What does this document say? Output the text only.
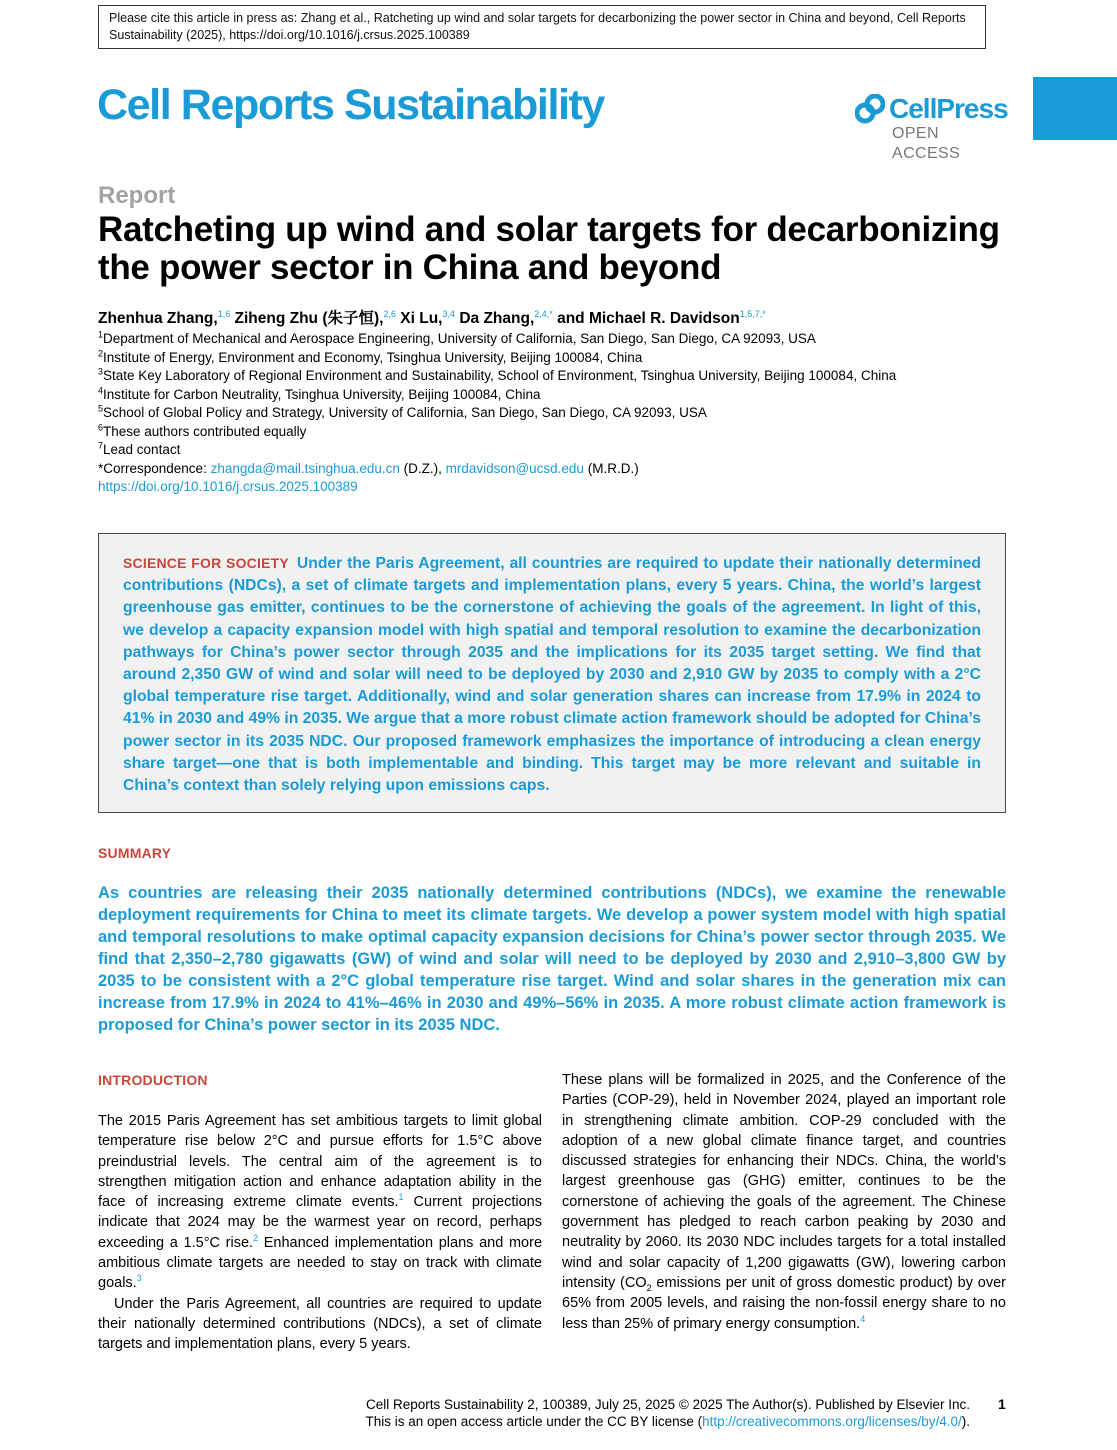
Please cite this article in press as: Zhang et al., Ratcheting up wind and solar targets for decarbonizing the power sector in China and beyond, Cell Reports Sustainability (2025), https://doi.org/10.1016/j.crsus.2025.100389
Cell Reports Sustainability	CellPress
OPEN ACCESS
Report
Ratcheting up wind and solar targets for decarbonizing the power sector in China and beyond
Zhenhua Zhang,$^{1,6}$ Ziheng Zhu (朱子恒),$^{2,6}$ Xi Lu,$^{3,4}$ Da Zhang,$^{2,4,*}$ and Michael R. Davidson$^{1,5,7,*}$
$^1$Department of Mechanical and Aerospace Engineering, University of California, San Diego, San Diego, CA 92093, USA
$^2$Institute of Energy, Environment and Economy, Tsinghua University, Beijing 100084, China
$^3$State Key Laboratory of Regional Environment and Sustainability, School of Environment, Tsinghua University, Beijing 100084, China
$^4$Institute for Carbon Neutrality, Tsinghua University, Beijing 100084, China
$^5$School of Global Policy and Strategy, University of California, San Diego, San Diego, CA 92093, USA
$^6$These authors contributed equally
$^7$Lead contact
*Correspondence: zhangda@mail.tsinghua.edu.cn (D.Z.), mrdavidson@ucsd.edu (M.R.D.)
https://doi.org/10.1016/j.crsus.2025.100389

SCIENCE FOR SOCIETY Under the Paris Agreement, all countries are required to update their nationally determined contributions (NDCs), a set of climate targets and implementation plans, every 5 years. China, the world’s largest greenhouse gas emitter, continues to be the cornerstone of achieving the goals of the agreement. In light of this, we develop a capacity expansion model with high spatial and temporal resolution to examine the decarbonization pathways for China’s power sector through 2035 and the implications for its 2035 target setting. We find that around 2,350 GW of wind and solar will need to be deployed by 2030 and 2,910 GW by 2035 to comply with a 2°C global temperature rise target. Additionally, wind and solar generation shares can increase from 17.9% in 2024 to 41% in 2030 and 49% in 2035. We argue that a more robust climate action framework should be adopted for China’s power sector in its 2035 NDC. Our proposed framework emphasizes the importance of introducing a clean energy share target—one that is both implementable and binding. This target may be more relevant and suitable in China’s context than solely relying upon emissions caps.

SUMMARY

As countries are releasing their 2035 nationally determined contributions (NDCs), we examine the renewable deployment requirements for China to meet its climate targets. We develop a power system model with high spatial and temporal resolutions to make optimal capacity expansion decisions for China’s power sector through 2035. We find that 2,350–2,780 gigawatts (GW) of wind and solar will need to be deployed by 2030 and 2,910–3,800 GW by 2035 to be consistent with a 2°C global temperature rise target. Wind and solar shares in the generation mix can increase from 17.9% in 2024 to 41%–46% in 2030 and 49%–56% in 2035. A more robust climate action framework is proposed for China’s power sector in its 2035 NDC.

INTRODUCTION

The 2015 Paris Agreement has set ambitious targets to limit global temperature rise below 2°C and pursue efforts for 1.5°C above preindustrial levels. The central aim of the agreement is to strengthen mitigation action and enhance adaptation ability in the face of increasing extreme climate events.$^1$ Current projections indicate that 2024 may be the warmest year on record, perhaps exceeding a 1.5°C rise.$^2$ Enhanced implementation plans and more ambitious climate targets are needed to stay on track with climate goals.$^3$

Under the Paris Agreement, all countries are required to update their nationally determined contributions (NDCs), a set of climate targets and implementation plans, every 5 years.

These plans will be formalized in 2025, and the Conference of the Parties (COP-29), held in November 2024, played an important role in strengthening climate ambition. COP-29 concluded with the adoption of a new global climate finance target, and countries discussed strategies for enhancing their NDCs. China, the world’s largest greenhouse gas (GHG) emitter, continues to be the cornerstone of achieving the goals of the agreement. The Chinese government has pledged to reach carbon peaking by 2030 and neutrality by 2060. Its 2030 NDC includes targets for a total installed wind and solar capacity of 1,200 gigawatts (GW), lowering carbon intensity ($CO_2$ emissions per unit of gross domestic product) by over 65% from 2005 levels, and raising the non-fossil energy share to no less than 25% of primary energy consumption.$^4$

Cell Reports Sustainability 2, 100389, July 25, 2025 © 2025 The Author(s). Published by Elsevier Inc.
This is an open access article under the CC BY license (http://creativecommons.org/licenses/by/4.0/).
1
